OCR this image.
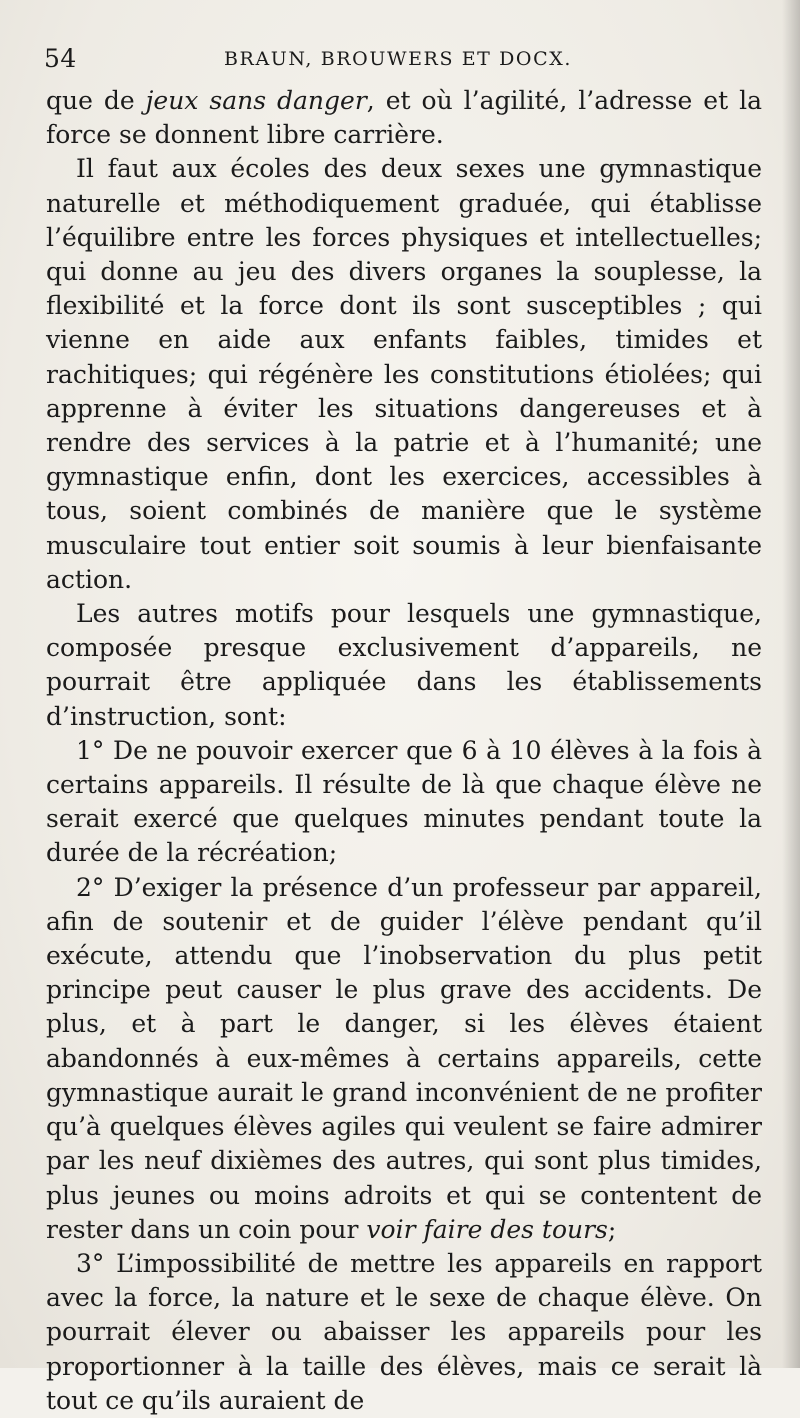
54	BRAUN, BROUWERS ET DOCX.

que de jeux sans danger, et où l’agilité, l’adresse et la force se donnent libre carrière.

Il faut aux écoles des deux sexes une gymnastique naturelle et méthodiquement graduée, qui établisse l’équilibre entre les forces physiques et intellectuelles; qui donne au jeu des divers organes la souplesse, la flexibilité et la force dont ils sont susceptibles ; qui vienne en aide aux enfants faibles, timides et rachitiques; qui régénère les constitutions étiolées; qui apprenne à éviter les situations dangereuses et à rendre des services à la patrie et à l’humanité; une gymnastique enfin, dont les exercices, accessibles à tous, soient combinés de manière que le système musculaire tout entier soit soumis à leur bienfaisante action.

Les autres motifs pour lesquels une gymnastique, composée presque exclusivement d’appareils, ne pourrait être appliquée dans les établissements d’instruction, sont:

1° De ne pouvoir exercer que 6 à 10 élèves à la fois à certains appareils. Il résulte de là que chaque élève ne serait exercé que quelques minutes pendant toute la durée de la récréation;

2° D’exiger la présence d’un professeur par appareil, afin de soutenir et de guider l’élève pendant qu’il exécute, attendu que l’inobservation du plus petit principe peut causer le plus grave des accidents. De plus, et à part le danger, si les élèves étaient abandonnés à eux-mêmes à certains appareils, cette gymnastique aurait le grand inconvénient de ne profiter qu’à quelques élèves agiles qui veulent se faire admirer par les neuf dixièmes des autres, qui sont plus timides, plus jeunes ou moins adroits et qui se contentent de rester dans un coin pour voir faire des tours;

3° L’impossibilité de mettre les appareils en rapport avec la force, la nature et le sexe de chaque élève. On pourrait élever ou abaisser les appareils pour les proportionner à la taille des élèves, mais ce serait là tout ce qu’ils auraient de
